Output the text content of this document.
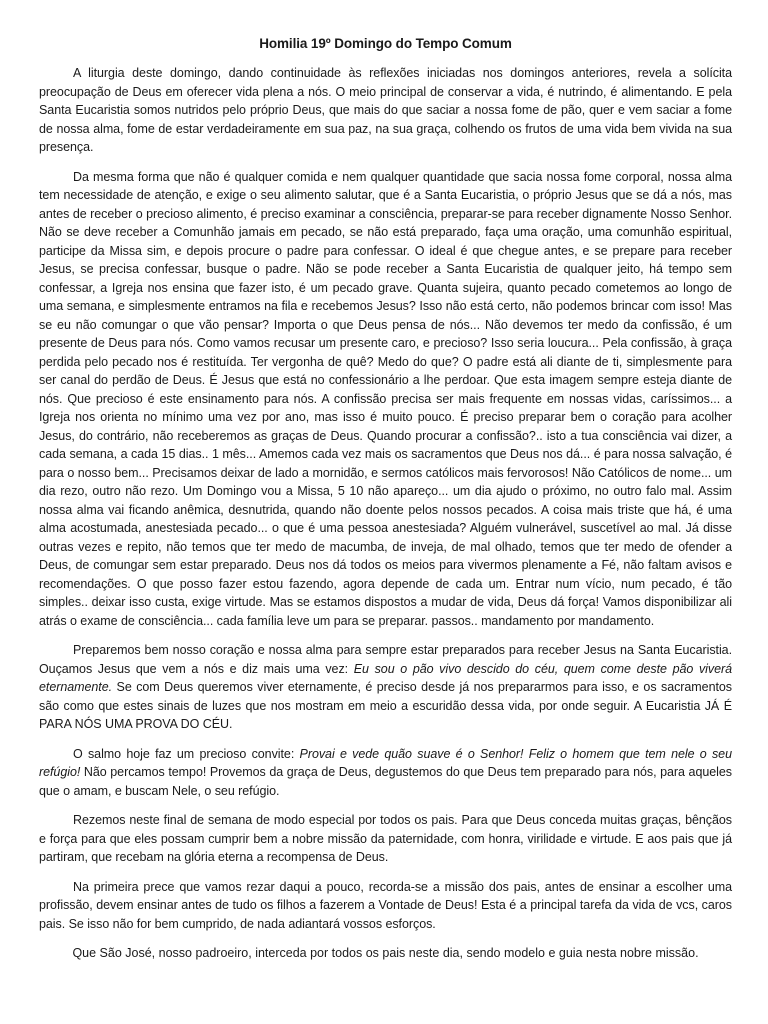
Homilia 19º Domingo do Tempo Comum

A liturgia deste domingo, dando continuidade às reflexões iniciadas nos domingos anteriores, revela a solícita preocupação de Deus em oferecer vida plena a nós. O meio principal de conservar a vida, é nutrindo, é alimentando. E pela Santa Eucaristia somos nutridos pelo próprio Deus, que mais do que saciar a nossa fome de pão, quer e vem saciar a fome de nossa alma, fome de estar verdadeiramente em sua paz, na sua graça, colhendo os frutos de uma vida bem vivida na sua presença.

Da mesma forma que não é qualquer comida e nem qualquer quantidade que sacia nossa fome corporal, nossa alma tem necessidade de atenção, e exige o seu alimento salutar, que é a Santa Eucaristia, o próprio Jesus que se dá a nós, mas antes de receber o precioso alimento, é preciso examinar a consciência, preparar-se para receber dignamente Nosso Senhor. Não se deve receber a Comunhão jamais em pecado, se não está preparado, faça uma oração, uma comunhão espiritual, participe da Missa sim, e depois procure o padre para confessar. O ideal é que chegue antes, e se prepare para receber Jesus, se precisa confessar, busque o padre. Não se pode receber a Santa Eucaristia de qualquer jeito, há tempo sem confessar, a Igreja nos ensina que fazer isto, é um pecado grave. Quanta sujeira, quanto pecado cometemos ao longo de uma semana, e simplesmente entramos na fila e recebemos Jesus? Isso não está certo, não podemos brincar com isso! Mas se eu não comungar o que vão pensar? Importa o que Deus pensa de nós... Não devemos ter medo da confissão, é um presente de Deus para nós. Como vamos recusar um presente caro, e precioso? Isso seria loucura... Pela confissão, à graça perdida pelo pecado nos é restituída. Ter vergonha de quê? Medo do que? O padre está ali diante de ti, simplesmente para ser canal do perdão de Deus. É Jesus que está no confessionário a lhe perdoar. Que esta imagem sempre esteja diante de nós. Que precioso é este ensinamento para nós. A confissão precisa ser mais frequente em nossas vidas, caríssimos... a Igreja nos orienta no mínimo uma vez por ano, mas isso é muito pouco. É preciso preparar bem o coração para acolher Jesus, do contrário, não receberemos as graças de Deus. Quando procurar a confissão?.. isto a tua consciência vai dizer, a cada semana, a cada 15 dias.. 1 mês... Amemos cada vez mais os sacramentos que Deus nos dá... é para nossa salvação, é para o nosso bem... Precisamos deixar de lado a mornidão, e sermos católicos mais fervorosos! Não Católicos de nome... um dia rezo, outro não rezo. Um Domingo vou a Missa, 5 10 não apareço... um dia ajudo o próximo, no outro falo mal. Assim nossa alma vai ficando anêmica, desnutrida, quando não doente pelos nossos pecados. A coisa mais triste que há, é uma alma acostumada, anestesiada pecado... o que é uma pessoa anestesiada? Alguém vulnerável, suscetível ao mal. Já disse outras vezes e repito, não temos que ter medo de macumba, de inveja, de mal olhado, temos que ter medo de ofender a Deus, de comungar sem estar preparado. Deus nos dá todos os meios para vivermos plenamente a Fé, não faltam avisos e recomendações. O que posso fazer estou fazendo, agora depende de cada um. Entrar num vício, num pecado, é tão simples.. deixar isso custa, exige virtude. Mas se estamos dispostos a mudar de vida, Deus dá força! Vamos disponibilizar ali atrás o exame de consciência... cada família leve um para se preparar. passos.. mandamento por mandamento.

Preparemos bem nosso coração e nossa alma para sempre estar preparados para receber Jesus na Santa Eucaristia. Ouçamos Jesus que vem a nós e diz mais uma vez: Eu sou o pão vivo descido do céu, quem come deste pão viverá eternamente. Se com Deus queremos viver eternamente, é preciso desde já nos prepararmos para isso, e os sacramentos são como que estes sinais de luzes que nos mostram em meio a escuridão dessa vida, por onde seguir. A Eucaristia JÁ É PARA NÓS UMA PROVA DO CÉU.

O salmo hoje faz um precioso convite: Provai e vede quão suave é o Senhor! Feliz o homem que tem nele o seu refúgio! Não percamos tempo! Provemos da graça de Deus, degustemos do que Deus tem preparado para nós, para aqueles que o amam, e buscam Nele, o seu refúgio.

Rezemos neste final de semana de modo especial por todos os pais. Para que Deus conceda muitas graças, bênçãos e força para que eles possam cumprir bem a nobre missão da paternidade, com honra, virilidade e virtude. E aos pais que já partiram, que recebam na glória eterna a recompensa de Deus.

Na primeira prece que vamos rezar daqui a pouco, recorda-se a missão dos pais, antes de ensinar a escolher uma profissão, devem ensinar antes de tudo os filhos a fazerem a Vontade de Deus! Esta é a principal tarefa da vida de vcs, caros pais. Se isso não for bem cumprido, de nada adiantará vossos esforços.

Que São José, nosso padroeiro, interceda por todos os pais neste dia, sendo modelo e guia nesta nobre missão.
